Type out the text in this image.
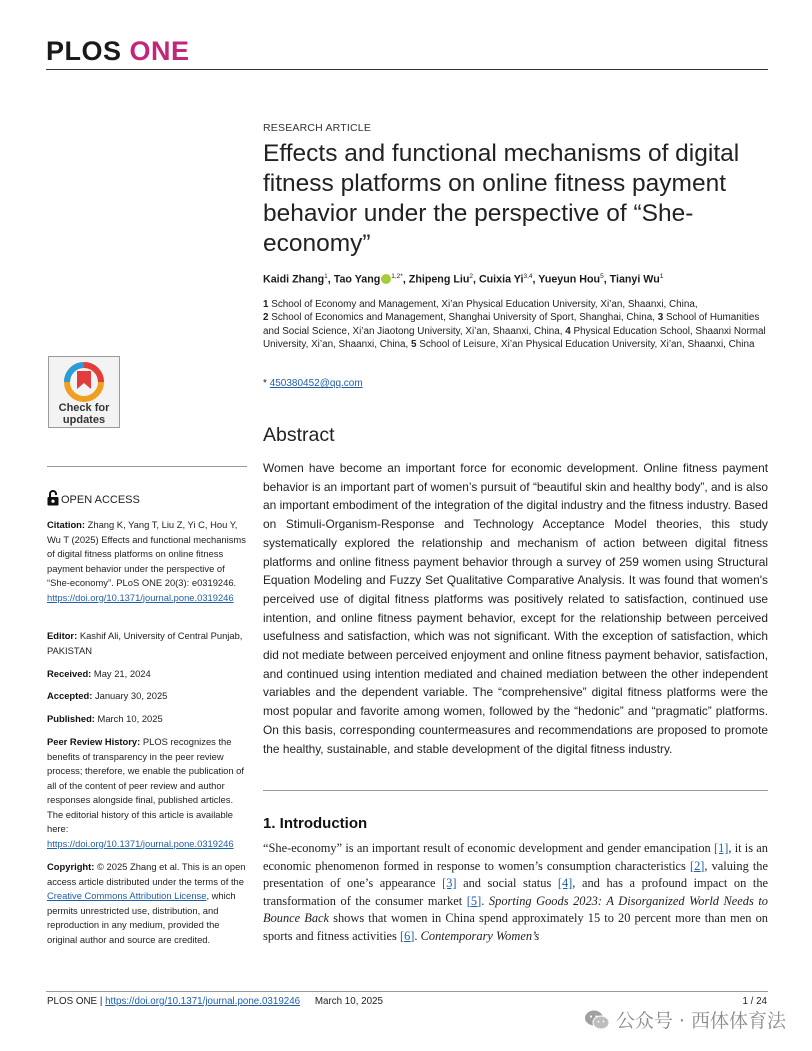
PLOS ONE
Check for
updates
OPEN ACCESS
Citation: Zhang K, Yang T, Liu Z, Yi C, Hou Y, Wu T (2025) Effects and functional mechanisms of digital fitness platforms on online fitness payment behavior under the perspective of “She-economy”. PLoS ONE 20(3): e0319246. https://doi.org/10.1371/journal.pone.0319246
Editor: Kashif Ali, University of Central Punjab, PAKISTAN
Received: May 21, 2024
Accepted: January 30, 2025
Published: March 10, 2025
Peer Review History: PLOS recognizes the benefits of transparency in the peer review process; therefore, we enable the publication of all of the content of peer review and author responses alongside final, published articles. The editorial history of this article is available here: https://doi.org/10.1371/journal.pone.0319246
Copyright: © 2025 Zhang et al. This is an open access article distributed under the terms of the Creative Commons Attribution License, which permits unrestricted use, distribution, and reproduction in any medium, provided the original author and source are credited.
RESEARCH ARTICLE
Effects and functional mechanisms of digital fitness platforms on online fitness payment behavior under the perspective of “She-economy”
Kaidi Zhang$^1$, Tao Yang $^{1,2*}$, Zhipeng Liu$^2$, Cuixia Yi$^{3,4}$, Yueyun Hou$^5$, Tianyi Wu$^1$
1 School of Economy and Management, Xi’an Physical Education University, Xi’an, Shaanxi, China,
2 School of Economics and Management, Shanghai University of Sport, Shanghai, China, 3 School of Humanities and Social Science, Xi’an Jiaotong University, Xi’an, Shaanxi, China, 4 Physical Education School, Shaanxi Normal University, Xi’an, Shaanxi, China, 5 School of Leisure, Xi’an Physical Education University, Xi’an, Shaanxi, China
* 450380452@qq.com
Abstract
Women have become an important force for economic development. Online fitness payment behavior is an important part of women’s pursuit of “beautiful skin and healthy body”, and is also an important embodiment of the integration of the digital industry and the fitness industry. Based on Stimuli-Organism-Response and Technology Acceptance Model theories, this study systematically explored the relationship and mechanism of action between digital fitness platforms and online fitness payment behavior through a survey of 259 women using Structural Equation Modeling and Fuzzy Set Qualitative Comparative Analysis. It was found that women's perceived use of digital fitness platforms was positively related to satisfaction, continued use intention, and online fitness payment behavior, except for the relationship between perceived usefulness and satisfaction, which was not significant. With the exception of satisfaction, which did not mediate between perceived enjoyment and online fitness payment behavior, satisfaction, and continued using intention mediated and chained mediation between the other independent variables and the dependent variable. The “comprehensive” digital fitness platforms were the most popular and favorite among women, followed by the “hedonic” and “pragmatic” platforms. On this basis, corresponding countermeasures and recommendations are proposed to promote the healthy, sustainable, and stable development of the digital fitness industry.
1. Introduction
“She-economy” is an important result of economic development and gender emancipation [1], it is an economic phenomenon formed in response to women’s consumption characteristics [2], valuing the presentation of one’s appearance [3] and social status [4], and has a profound impact on the transformation of the consumer market [5]. Sporting Goods 2023: A Disorganized World Needs to Bounce Back shows that women in China spend approximately 15 to 20 percent more than men on sports and fitness activities [6]. Contemporary Women’s
PLOS ONE | https://doi.org/10.1371/journal.pone.0319246 March 10, 2025	1 / 24
公众号 · 西体体育法
